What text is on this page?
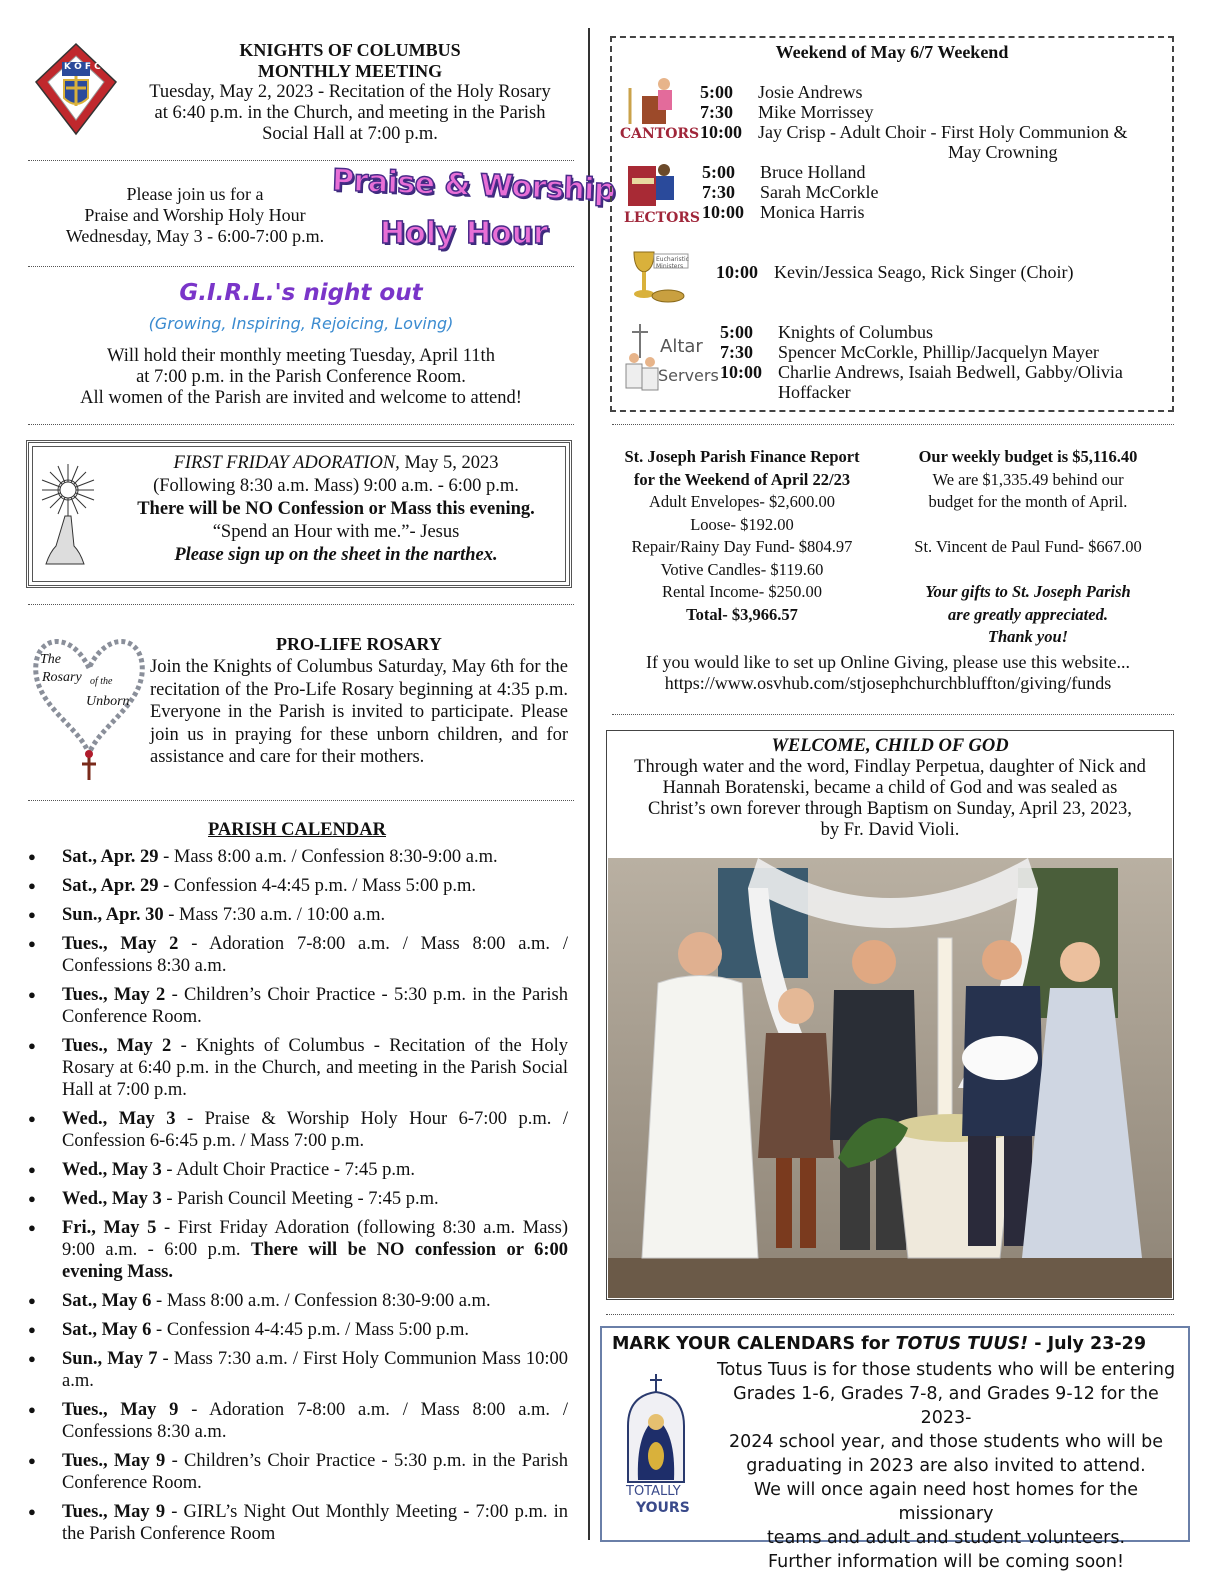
K O F C
KNIGHTS OF COLUMBUS
MONTHLY MEETING
Tuesday, May 2, 2023 - Recitation of the Holy Rosary
at 6:40 p.m. in the Church, and meeting in the Parish
Social Hall at 7:00 p.m.
Please join us for a
Praise and Worship Holy Hour
Wednesday, May 3 - 6:00-7:00 p.m.
Praise & Worship
Holy Hour
G.I.R.L.'s night out
(Growing, Inspiring, Rejoicing, Loving)
Will hold their monthly meeting Tuesday, April 11th
at 7:00 p.m. in the Parish Conference Room.
All women of the Parish are invited and welcome to attend!
FIRST FRIDAY ADORATION, May 5, 2023
(Following 8:30 a.m. Mass) 9:00 a.m. - 6:00 p.m.
There will be NO Confession or Mass this evening.
“Spend an Hour with me.”- Jesus
Please sign up on the sheet in the narthex.
The
Rosary of the
Unborn
PRO-LIFE ROSARY
Join the Knights of Columbus Saturday, May 6th for the recitation of the Pro-Life Rosary beginning at 4:35 p.m. Everyone in the Parish is invited to participate. Please join us in praying for these unborn children, and for assistance and care for their mothers.
PARISH CALENDAR
● Sat., Apr. 29 - Mass 8:00 a.m. / Confession 8:30-9:00 a.m.
● Sat., Apr. 29 - Confession 4-4:45 p.m. / Mass 5:00 p.m.
● Sun., Apr. 30 - Mass 7:30 a.m. / 10:00 a.m.
● Tues., May 2 - Adoration 7-8:00 a.m. / Mass 8:00 a.m. / Confessions 8:30 a.m.
● Tues., May 2 - Children’s Choir Practice - 5:30 p.m. in the Parish Conference Room.
● Tues., May 2 - Knights of Columbus - Recitation of the Holy Rosary at 6:40 p.m. in the Church, and meeting in the Parish Social Hall at 7:00 p.m.
● Wed., May 3 - Praise & Worship Holy Hour 6-7:00 p.m. / Confession 6-6:45 p.m. / Mass 7:00 p.m.
● Wed., May 3 - Adult Choir Practice - 7:45 p.m.
● Wed., May 3 - Parish Council Meeting - 7:45 p.m.
● Fri., May 5 - First Friday Adoration (following 8:30 a.m. Mass) 9:00 a.m. - 6:00 p.m. There will be NO confession or 6:00 evening Mass.
● Sat., May 6 - Mass 8:00 a.m. / Confession 8:30-9:00 a.m.
● Sat., May 6 - Confession 4-4:45 p.m. / Mass 5:00 p.m.
● Sun., May 7 - Mass 7:30 a.m. / First Holy Communion Mass 10:00 a.m.
● Tues., May 9 - Adoration 7-8:00 a.m. / Mass 8:00 a.m. / Confessions 8:30 a.m.
● Tues., May 9 - Children’s Choir Practice - 5:30 p.m. in the Parish Conference Room.
● Tues., May 9 - GIRL’s Night Out Monthly Meeting - 7:00 p.m. in the Parish Conference Room
Weekend of May 6/7 Weekend
CANTORS
5:00 Josie Andrews
7:30 Mike Morrissey
10:00 Jay Crisp - Adult Choir - First Holy Communion &
May Crowning
LECTORS
5:00 Bruce Holland
7:30 Sarah McCorkle
10:00 Monica Harris
Eucharistic Ministers	10:00 Kevin/Jessica Seago, Rick Singer (Choir)
Altar
Servers
5:00 Knights of Columbus
7:30 Spencer McCorkle, Phillip/Jacquelyn Mayer
10:00 Charlie Andrews, Isaiah Bedwell, Gabby/Olivia
Hoffacker
St. Joseph Parish Finance Report
for the Weekend of April 22/23
Adult Envelopes- $2,600.00
Loose- $192.00
Repair/Rainy Day Fund- $804.97
Votive Candles- $119.60
Rental Income- $250.00
Total- $3,966.57
Our weekly budget is $5,116.40
We are $1,335.49 behind our
budget for the month of April.
St. Vincent de Paul Fund- $667.00
Your gifts to St. Joseph Parish
are greatly appreciated.
Thank you!
If you would like to set up Online Giving, please use this website...
https://www.osvhub.com/stjosephchurchbluffton/giving/funds
WELCOME, CHILD OF GOD
Through water and the word, Findlay Perpetua, daughter of Nick and
Hannah Boratenski, became a child of God and was sealed as
Christ’s own forever through Baptism on Sunday, April 23, 2023,
by Fr. David Violi.
MARK YOUR CALENDARS for TOTUS TUUS! - July 23-29
TOTALLY
YOURS
Totus Tuus is for those students who will be entering
Grades 1-6, Grades 7-8, and Grades 9-12 for the 2023-
2024 school year, and those students who will be
graduating in 2023 are also invited to attend.
We will once again need host homes for the missionary
teams and adult and student volunteers.
Further information will be coming soon!
